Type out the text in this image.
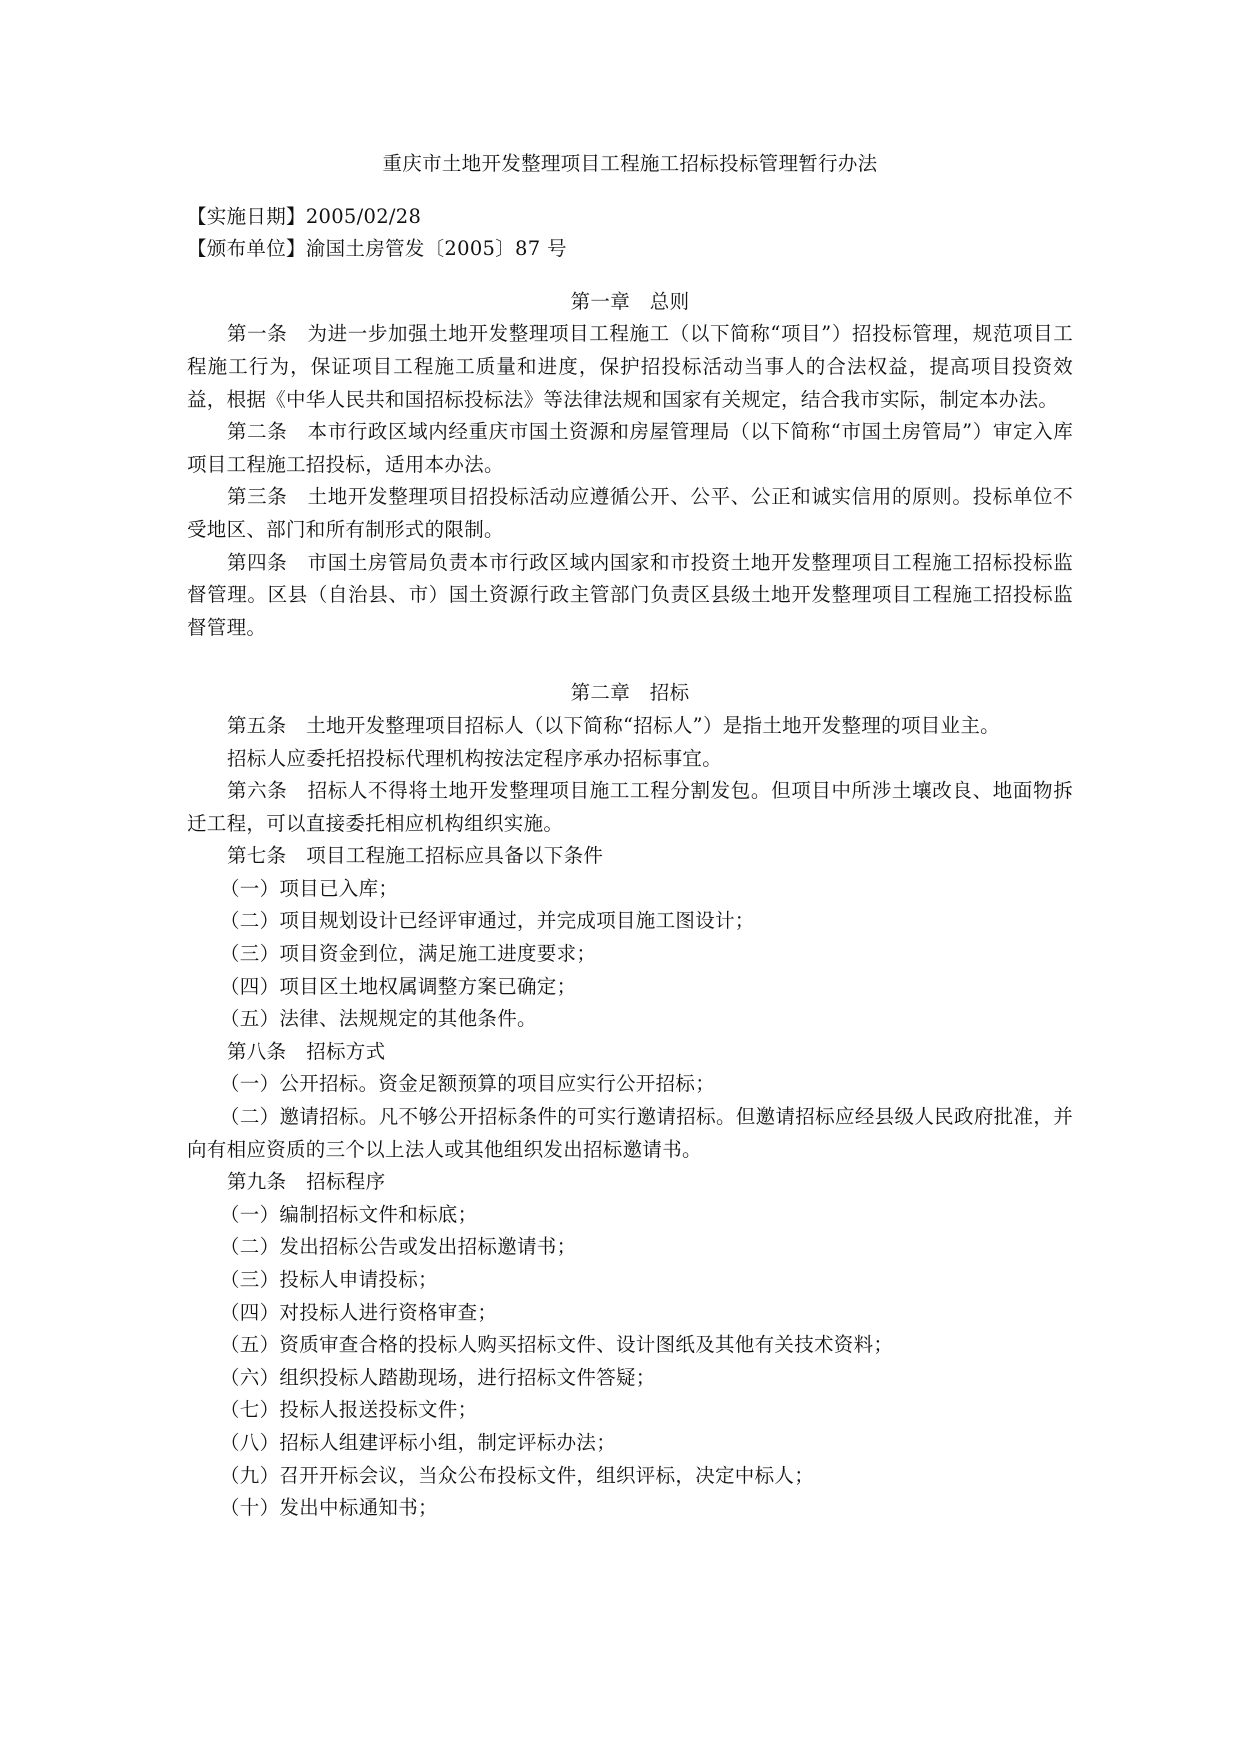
重庆市土地开发整理项目工程施工招标投标管理暂行办法

【实施日期】2005/02/28

【颁布单位】渝国土房管发〔2005〕87 号

第一章　总则

第一条　为进一步加强土地开发整理项目工程施工（以下简称“项目”）招投标管理，规范项目工程施工行为，保证项目工程施工质量和进度，保护招投标活动当事人的合法权益，提高项目投资效益，根据《中华人民共和国招标投标法》等法律法规和国家有关规定，结合我市实际，制定本办法。

第二条　本市行政区域内经重庆市国土资源和房屋管理局（以下简称“市国土房管局”）审定入库项目工程施工招投标，适用本办法。

第三条　土地开发整理项目招投标活动应遵循公开、公平、公正和诚实信用的原则。投标单位不受地区、部门和所有制形式的限制。

第四条　市国土房管局负责本市行政区域内国家和市投资土地开发整理项目工程施工招标投标监督管理。区县（自治县、市）国土资源行政主管部门负责区县级土地开发整理项目工程施工招投标监督管理。

第二章　招标

第五条　土地开发整理项目招标人（以下简称“招标人”）是指土地开发整理的项目业主。

招标人应委托招投标代理机构按法定程序承办招标事宜。

第六条　招标人不得将土地开发整理项目施工工程分割发包。但项目中所涉土壤改良、地面物拆迁工程，可以直接委托相应机构组织实施。

第七条　项目工程施工招标应具备以下条件

（一）项目已入库；

（二）项目规划设计已经评审通过，并完成项目施工图设计；

（三）项目资金到位，满足施工进度要求；

（四）项目区土地权属调整方案已确定；

（五）法律、法规规定的其他条件。

第八条　招标方式

（一）公开招标。资金足额预算的项目应实行公开招标；

（二）邀请招标。凡不够公开招标条件的可实行邀请招标。但邀请招标应经县级人民政府批准，并向有相应资质的三个以上法人或其他组织发出招标邀请书。

第九条　招标程序

（一）编制招标文件和标底；

（二）发出招标公告或发出招标邀请书；

（三）投标人申请投标；

（四）对投标人进行资格审查；

（五）资质审查合格的投标人购买招标文件、设计图纸及其他有关技术资料；

（六）组织投标人踏勘现场，进行招标文件答疑；

（七）投标人报送投标文件；

（八）招标人组建评标小组，制定评标办法；

（九）召开开标会议，当众公布投标文件，组织评标，决定中标人；

（十）发出中标通知书；
